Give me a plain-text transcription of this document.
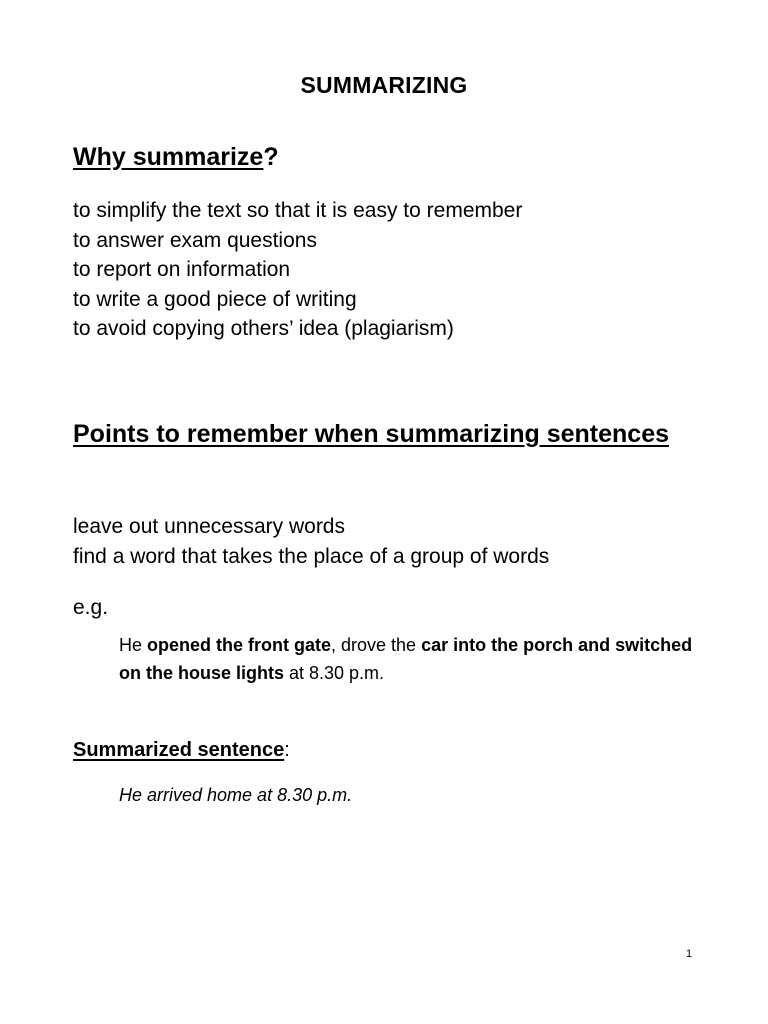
SUMMARIZING
Why summarize?
to simplify the text so that it is easy to remember
to answer exam questions
to report on information
to write a good piece of writing
to avoid copying others’ idea (plagiarism)
Points to remember when summarizing sentences
leave out unnecessary words
find a word that takes the place of a group of words
e.g.
He opened the front gate, drove the car into the porch and switched on the house lights at 8.30 p.m.
Summarized sentence:
He arrived home at 8.30 p.m.
1
